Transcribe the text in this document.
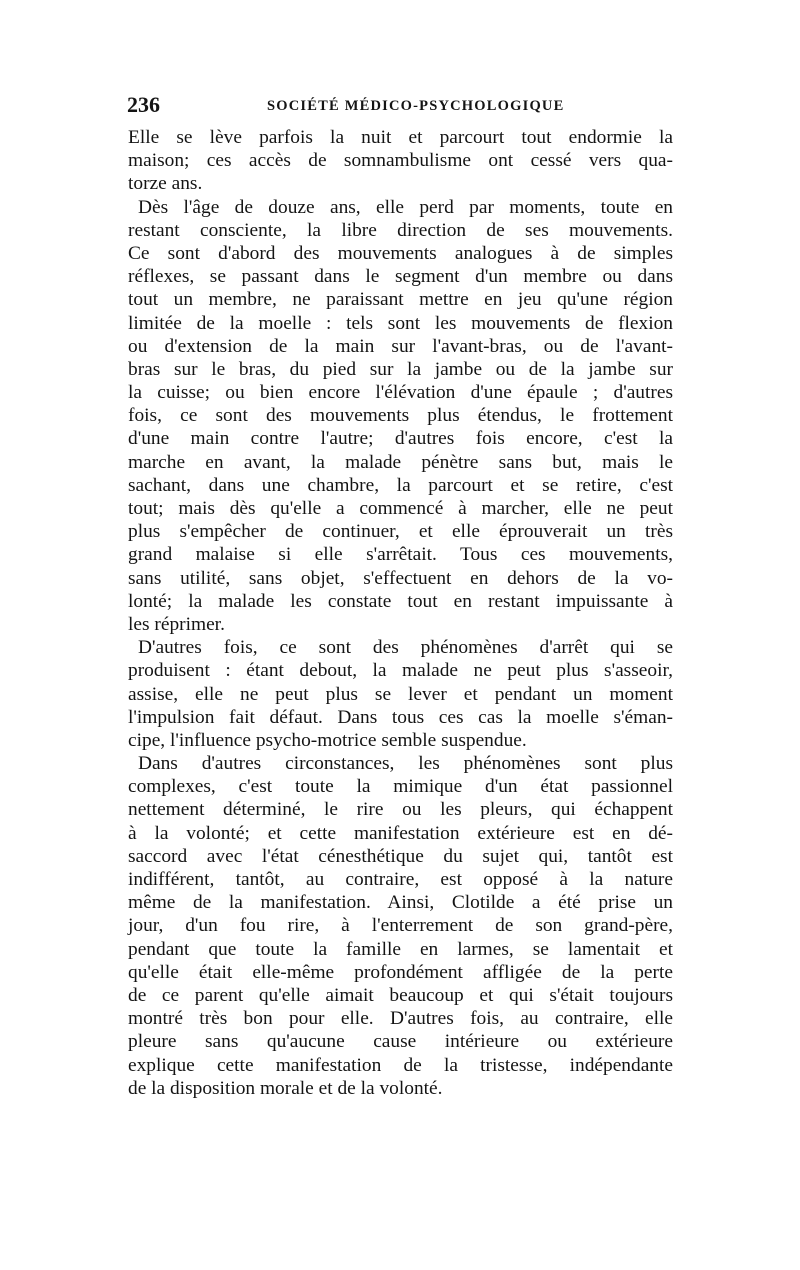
236	SOCIÉTÉ MÉDICO-PSYCHOLOGIQUE
Elle se lève parfois la nuit et parcourt tout endormie la
maison; ces accès de somnambulisme ont cessé vers qua-
torze ans.
Dès l'âge de douze ans, elle perd par moments, toute en
restant consciente, la libre direction de ses mouvements.
Ce sont d'abord des mouvements analogues à de simples
réflexes, se passant dans le segment d'un membre ou dans
tout un membre, ne paraissant mettre en jeu qu'une région
limitée de la moelle : tels sont les mouvements de flexion
ou d'extension de la main sur l'avant-bras, ou de l'avant-
bras sur le bras, du pied sur la jambe ou de la jambe sur
la cuisse; ou bien encore l'élévation d'une épaule ; d'autres
fois, ce sont des mouvements plus étendus, le frottement
d'une main contre l'autre; d'autres fois encore, c'est la
marche en avant, la malade pénètre sans but, mais le
sachant, dans une chambre, la parcourt et se retire, c'est
tout; mais dès qu'elle a commencé à marcher, elle ne peut
plus s'empêcher de continuer, et elle éprouverait un très
grand malaise si elle s'arrêtait. Tous ces mouvements,
sans utilité, sans objet, s'effectuent en dehors de la vo-
lonté; la malade les constate tout en restant impuissante à
les réprimer.
D'autres fois, ce sont des phénomènes d'arrêt qui se
produisent : étant debout, la malade ne peut plus s'asseoir,
assise, elle ne peut plus se lever et pendant un moment
l'impulsion fait défaut. Dans tous ces cas la moelle s'éman-
cipe, l'influence psycho-motrice semble suspendue.
Dans d'autres circonstances, les phénomènes sont plus
complexes, c'est toute la mimique d'un état passionnel
nettement déterminé, le rire ou les pleurs, qui échappent
à la volonté; et cette manifestation extérieure est en dé-
saccord avec l'état cénesthétique du sujet qui, tantôt est
indifférent, tantôt, au contraire, est opposé à la nature
même de la manifestation. Ainsi, Clotilde a été prise un
jour, d'un fou rire, à l'enterrement de son grand-père,
pendant que toute la famille en larmes, se lamentait et
qu'elle était elle-même profondément affligée de la perte
de ce parent qu'elle aimait beaucoup et qui s'était toujours
montré très bon pour elle. D'autres fois, au contraire, elle
pleure sans qu'aucune cause intérieure ou extérieure
explique cette manifestation de la tristesse, indépendante
de la disposition morale et de la volonté.
